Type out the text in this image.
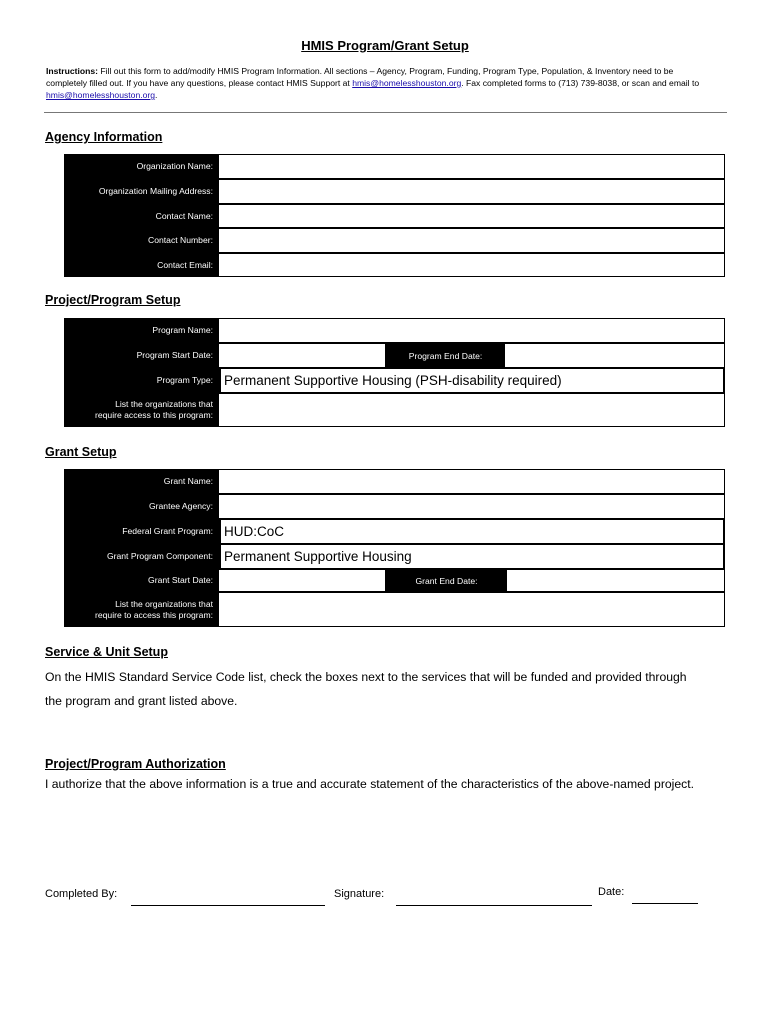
HMIS Program/Grant Setup
Instructions: Fill out this form to add/modify HMIS Program Information. All sections – Agency, Program, Funding, Program Type, Population, & Inventory need to be completely filled out. If you have any questions, please contact HMIS Support at hmis@homelesshouston.org. Fax completed forms to (713) 739-8038, or scan and email to hmis@homelesshouston.org.
Agency Information
Organization Name:
Organization Mailing Address:
Contact Name:
Contact Number:
Contact Email:
Project/Program Setup
Program Name:
Program Start Date:	Program End Date:
Program Type: Permanent Supportive Housing (PSH-disability required)
List the organizations that
require access to this program:
Grant Setup
Grant Name:
Grantee Agency:
Federal Grant Program: HUD:CoC
Grant Program Component: Permanent Supportive Housing
Grant Start Date:	Grant End Date:
List the organizations that
require to access this program:
Service & Unit Setup
On the HMIS Standard Service Code list, check the boxes next to the services that will be funded and provided through the program and grant listed above.
Project/Program Authorization
I authorize that the above information is a true and accurate statement of the characteristics of the above-named project.
Completed By:	Signature:	Date:
